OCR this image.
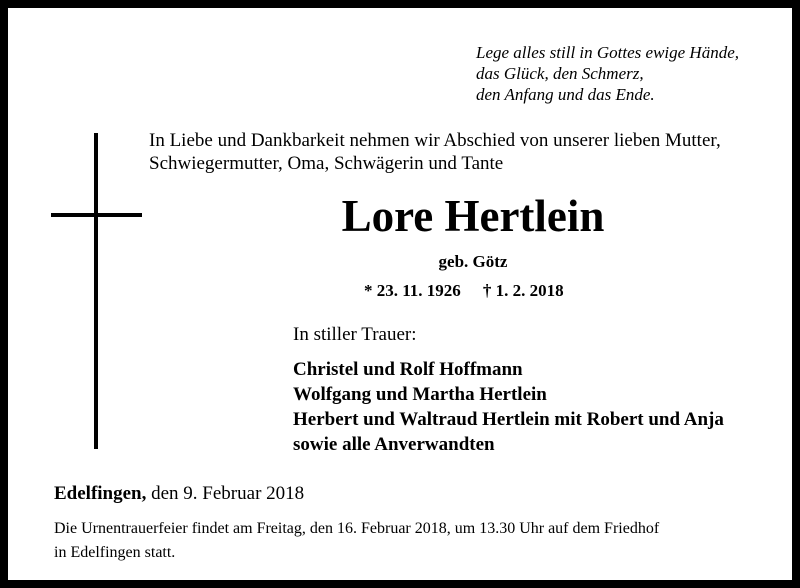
Lege alles still in Gottes ewige Hände,
das Glück, den Schmerz,
den Anfang und das Ende.
In Liebe und Dankbarkeit nehmen wir Abschied von unserer lieben Mutter,
Schwiegermutter, Oma, Schwägerin und Tante
Lore Hertlein
geb. Götz
* 23. 11. 1926 † 1. 2. 2018
In stiller Trauer:
Christel und Rolf Hoffmann
Wolfgang und Martha Hertlein
Herbert und Waltraud Hertlein mit Robert und Anja
sowie alle Anverwandten
Edelfingen, den 9. Februar 2018
Die Urnentrauerfeier findet am Freitag, den 16. Februar 2018, um 13.30 Uhr auf dem Friedhof
in Edelfingen statt.
